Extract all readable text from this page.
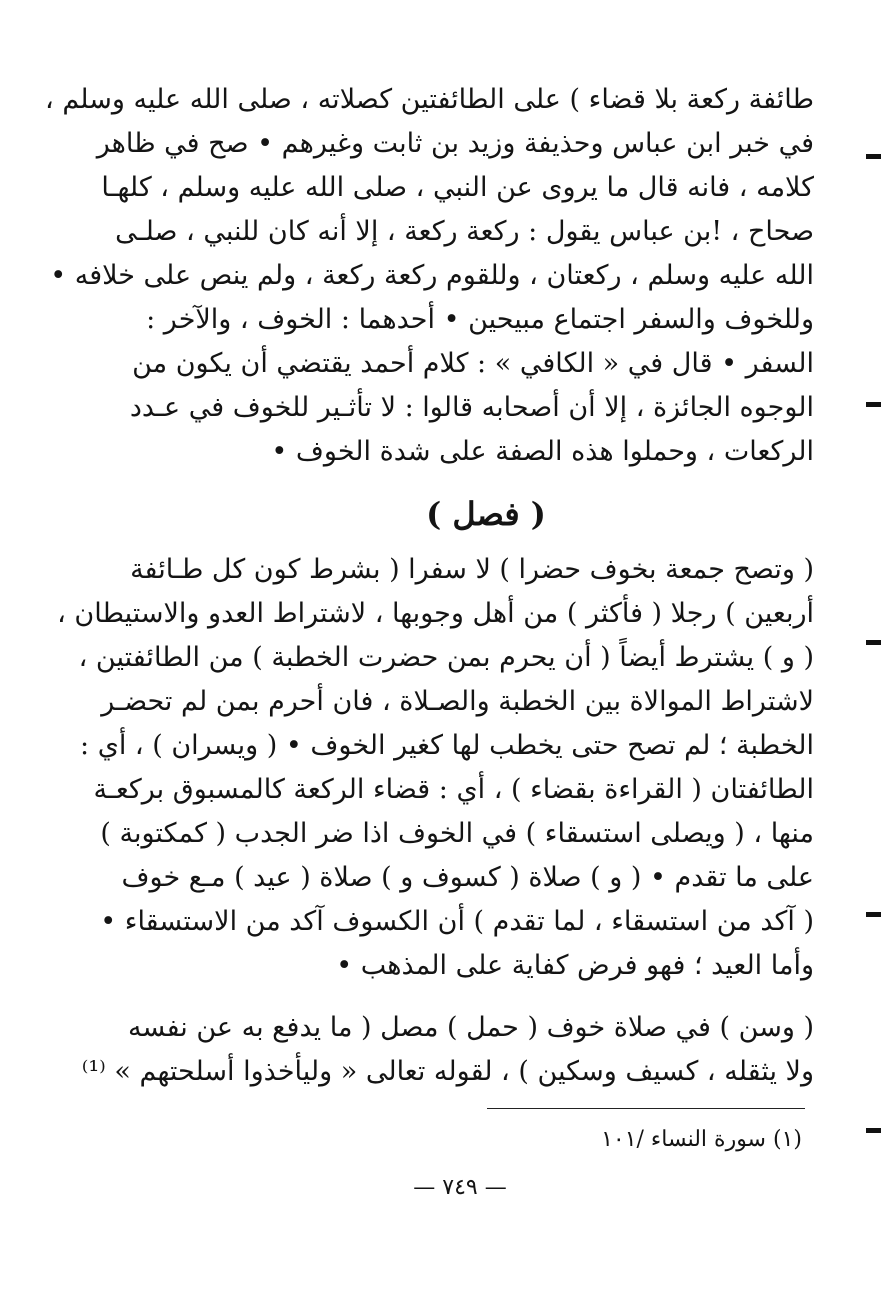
طائفة ركعة بلا قضاء ) على الطائفتين كصلاته ، صلى الله عليه وسلم ،
في خبر ابن عباس وحذيفة وزيد بن ثابت وغيرهم • صح في ظاهر
كلامه ، فانه قال ما يروى عن النبي ، صلى الله عليه وسلم ، كلهـا
صحاح ، !بن عباس يقول : ركعة ركعة ، إلا أنه كان للنبي ، صلـى
الله عليه وسلم ، ركعتان ، وللقوم ركعة ركعة ، ولم ينص على خلافه •
وللخوف والسفر اجتماع مبيحين • أحدهما : الخوف ، والآخر :
السفر • قال في « الكافي » : كلام أحمد يقتضي أن يكون من
الوجوه الجائزة ، إلا أن أصحابه قالوا : لا تأثـير للخوف في عـدد
الركعات ، وحملوا هذه الصفة على شدة الخوف •
( فصل )
( وتصح جمعة بخوف حضرا ) لا سفرا ( بشرط كون كل طـائفة
أربعين ) رجلا ( فأكثر ) من أهل وجوبها ، لاشتراط العدو والاستيطان ،
( و ) يشترط أيضاً ( أن يحرم بمن حضرت الخطبة ) من الطائفتين ،
لاشتراط الموالاة بين الخطبة والصـلاة ، فان أحرم بمن لم تحضـر
الخطبة ؛ لم تصح حتى يخطب لها كغير الخوف • ( ويسران ) ، أي :
الطائفتان ( القراءة بقضاء ) ، أي : قضاء الركعة كالمسبوق بركعـة
منها ، ( ويصلى استسقاء ) في الخوف اذا ضر الجدب ( كمكتوبة )
على ما تقدم • ( و ) صلاة ( كسوف و ) صلاة ( عيد ) مـع خوف
( آكد من استسقاء ، لما تقدم ) أن الكسوف آكد من الاستسقاء •
وأما العيد ؛ فهو فرض كفاية على المذهب •
( وسن ) في صلاة خوف ( حمل ) مصل ( ما يدفع به عن نفسه
ولا يثقله ، كسيف وسكين ) ، لقوله تعالى « وليأخذوا أسلحتهم » ⁽¹⁾
(١) سورة النساء /١٠١
— ٧٤٩ —
